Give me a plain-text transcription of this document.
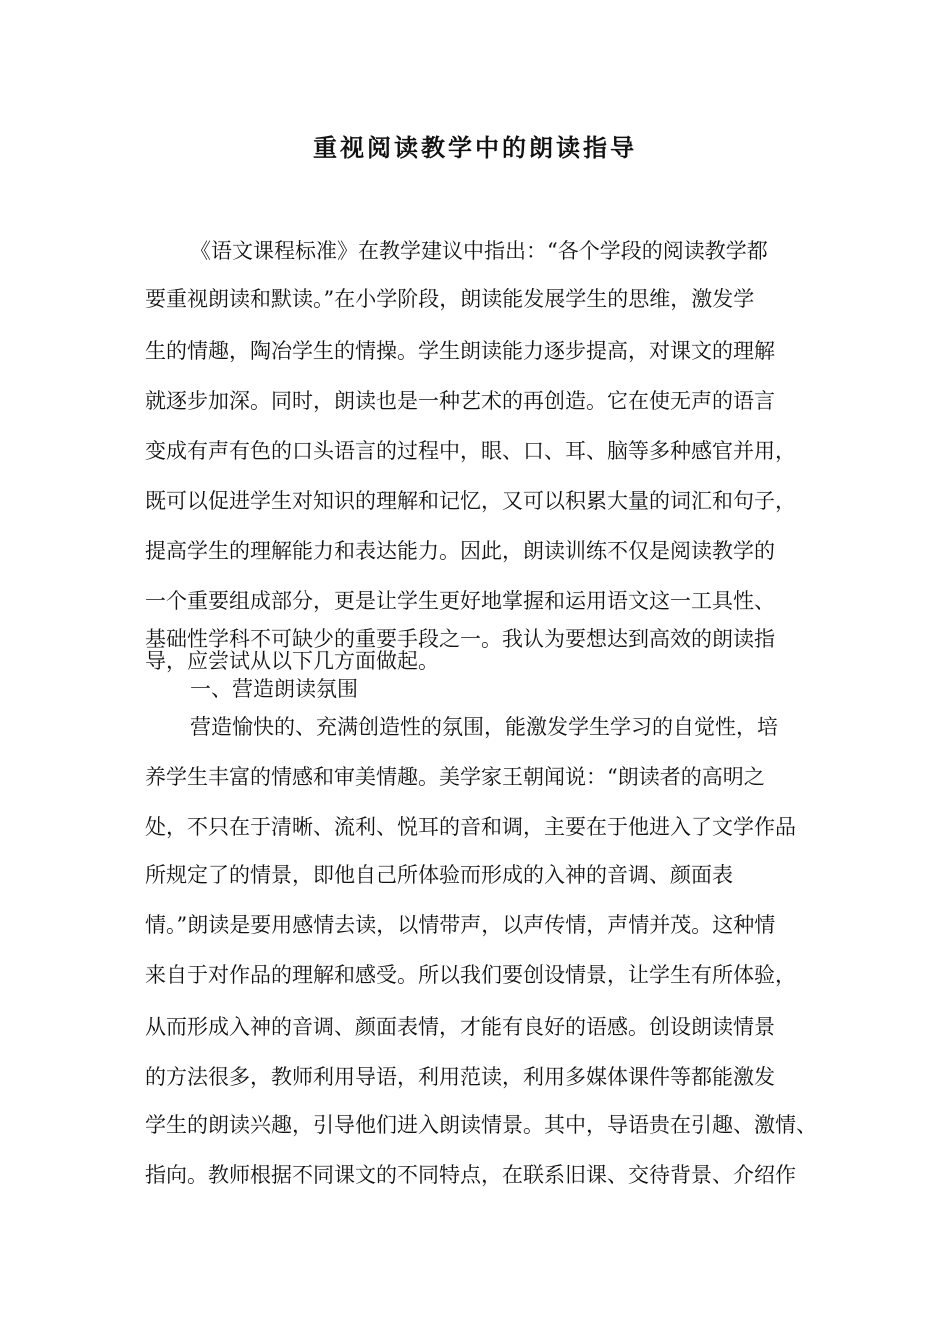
重视阅读教学中的朗读指导

《语文课程标准》在教学建议中指出：“各个学段的阅读教学都

要重视朗读和默读。”在小学阶段，朗读能发展学生的思维，激发学

生的情趣，陶冶学生的情操。学生朗读能力逐步提高，对课文的理解

就逐步加深。同时，朗读也是一种艺术的再创造。它在使无声的语言

变成有声有色的口头语言的过程中，眼、口、耳、脑等多种感官并用，

既可以促进学生对知识的理解和记忆，又可以积累大量的词汇和句子，

提高学生的理解能力和表达能力。因此，朗读训练不仅是阅读教学的

一个重要组成部分，更是让学生更好地掌握和运用语文这一工具性、

基础性学科不可缺少的重要手段之一。我认为要想达到高效的朗读指

导，应尝试从以下几方面做起。

一、营造朗读氛围

营造愉快的、充满创造性的氛围，能激发学生学习的自觉性，培

养学生丰富的情感和审美情趣。美学家王朝闻说：“朗读者的高明之

处，不只在于清晰、流利、悦耳的音和调，主要在于他进入了文学作品

所规定了的情景，即他自己所体验而形成的入神的音调、颜面表

情。”朗读是要用感情去读，以情带声，以声传情，声情并茂。这种情

来自于对作品的理解和感受。所以我们要创设情景，让学生有所体验，

从而形成入神的音调、颜面表情，才能有良好的语感。创设朗读情景

的方法很多，教师利用导语，利用范读，利用多媒体课件等都能激发

学生的朗读兴趣，引导他们进入朗读情景。其中，导语贵在引趣、激情、

指向。教师根据不同课文的不同特点，在联系旧课、交待背景、介绍作
